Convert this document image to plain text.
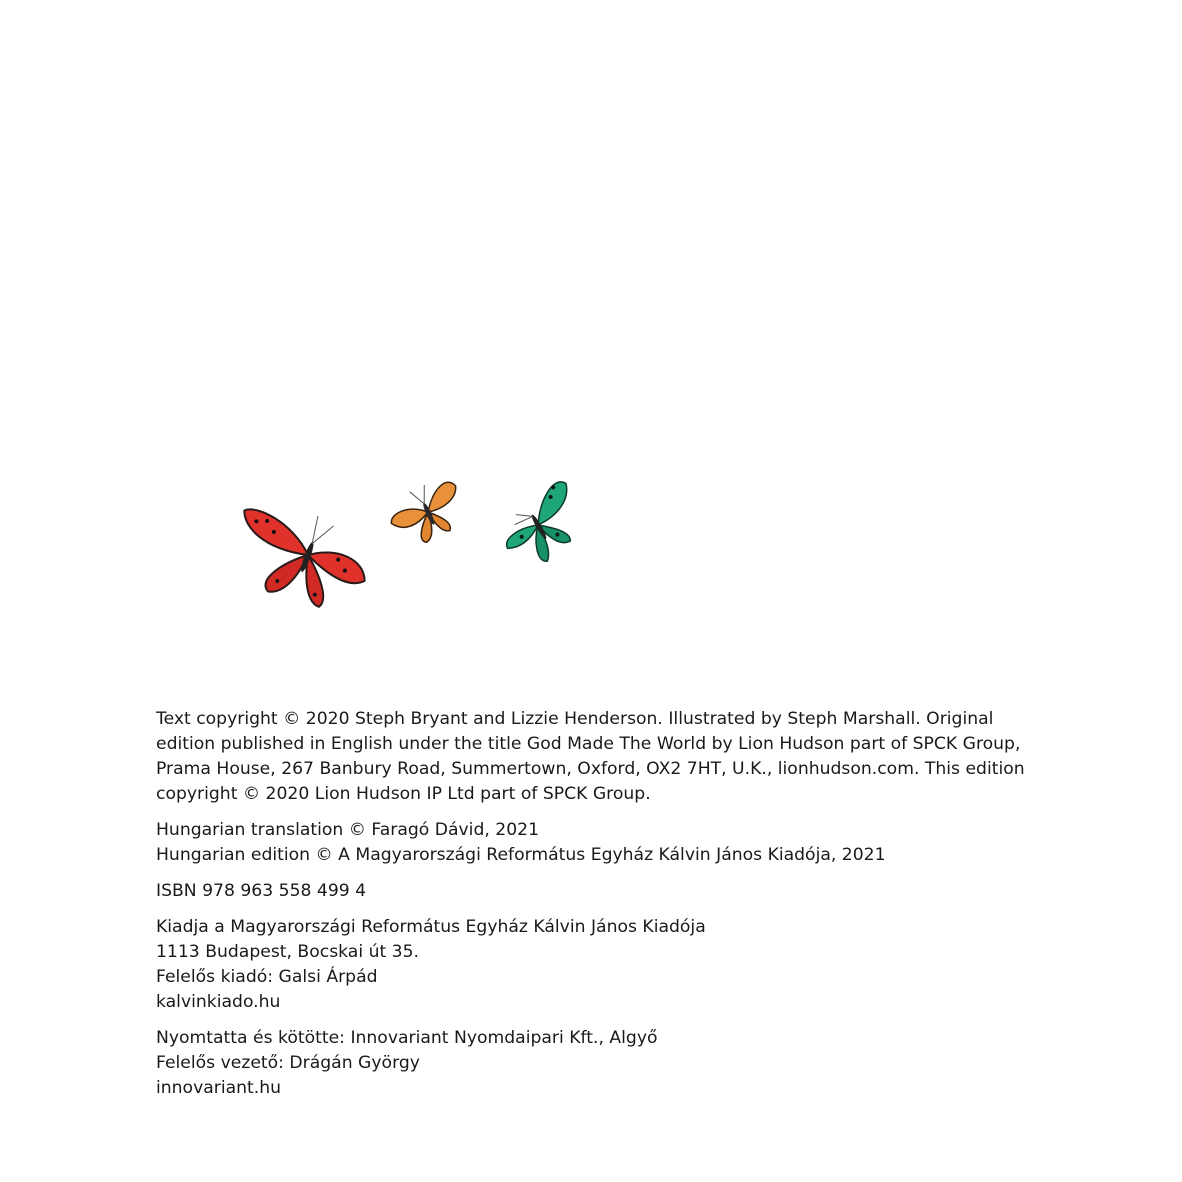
Text copyright © 2020 Steph Bryant and Lizzie Henderson. Illustrated by Steph Marshall. Original
edition published in English under the title God Made The World by Lion Hudson part of SPCK Group,
Prama House, 267 Banbury Road, Summertown, Oxford, OX2 7HT, U.K., lionhudson.com. This edition
copyright © 2020 Lion Hudson IP Ltd part of SPCK Group.

Hungarian translation © Faragó Dávid, 2021
Hungarian edition © A Magyarországi Református Egyház Kálvin János Kiadója, 2021

ISBN 978 963 558 499 4

Kiadja a Magyarországi Református Egyház Kálvin János Kiadója
1113 Budapest, Bocskai út 35.
Felelős kiadó: Galsi Árpád
kalvinkiado.hu

Nyomtatta és kötötte: Innovariant Nyomdaipari Kft., Algyő
Felelős vezető: Drágán György
innovariant.hu
